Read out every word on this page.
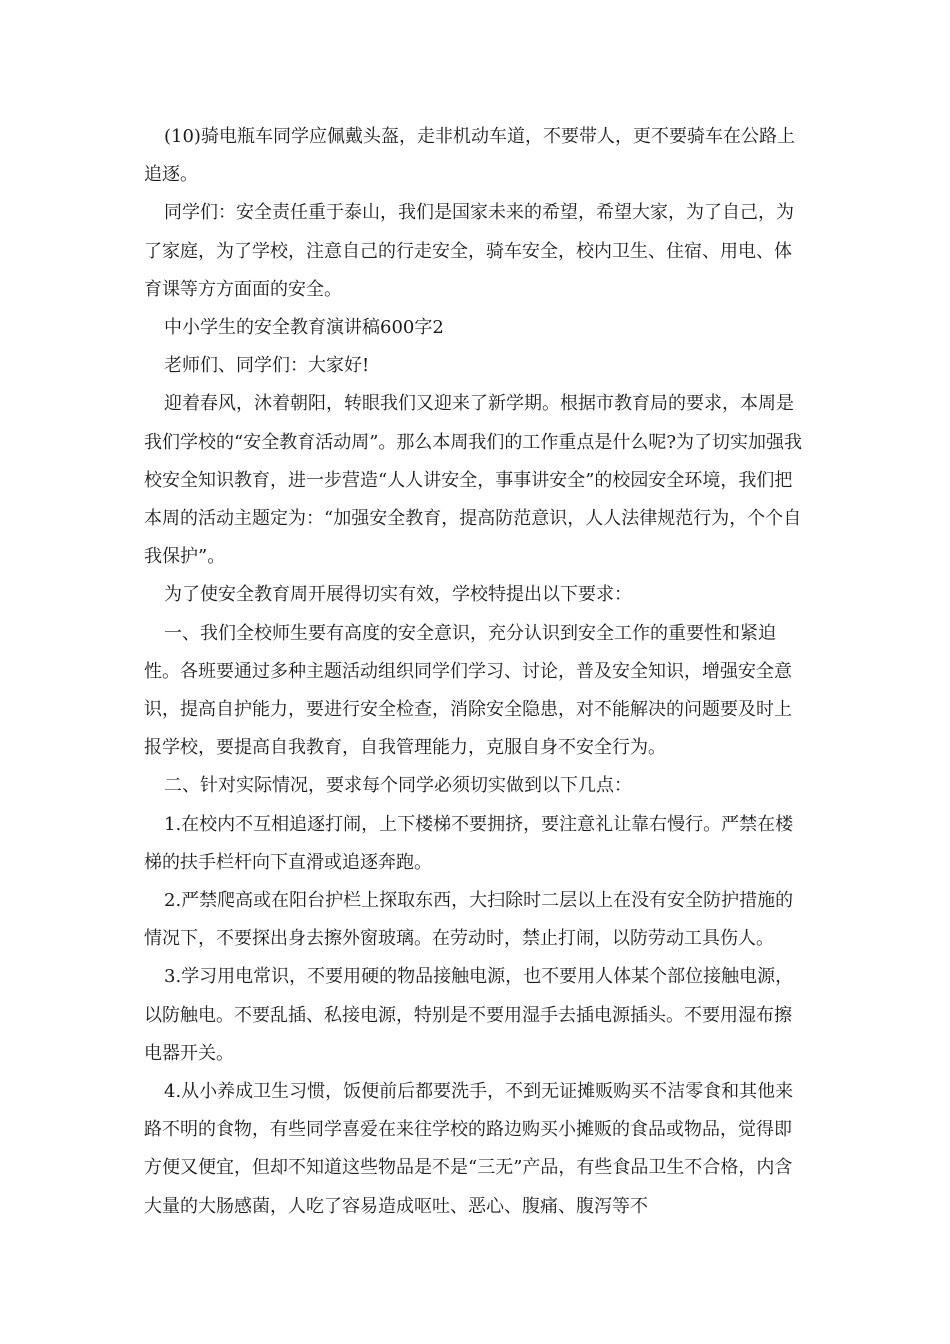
(10)骑电瓶车同学应佩戴头盔，走非机动车道，不要带人，更不要骑车在公路上追逐。

同学们：安全责任重于泰山，我们是国家未来的希望，希望大家，为了自己，为了家庭，为了学校，注意自己的行走安全，骑车安全，校内卫生、住宿、用电、体育课等方方面面的安全。

中小学生的安全教育演讲稿600字2

老师们、同学们：大家好!

迎着春风，沐着朝阳，转眼我们又迎来了新学期。根据市教育局的要求，本周是我们学校的“安全教育活动周”。那么本周我们的工作重点是什么呢?为了切实加强我校安全知识教育，进一步营造“人人讲安全，事事讲安全”的校园安全环境，我们把本周的活动主题定为：“加强安全教育，提高防范意识，人人法律规范行为，个个自我保护”。

为了使安全教育周开展得切实有效，学校特提出以下要求：

一、我们全校师生要有高度的安全意识，充分认识到安全工作的重要性和紧迫性。各班要通过多种主题活动组织同学们学习、讨论，普及安全知识，增强安全意识，提高自护能力，要进行安全检查，消除安全隐患，对不能解决的问题要及时上报学校，要提高自我教育，自我管理能力，克服自身不安全行为。

二、针对实际情况，要求每个同学必须切实做到以下几点：

1.在校内不互相追逐打闹，上下楼梯不要拥挤，要注意礼让靠右慢行。严禁在楼梯的扶手栏杆向下直滑或追逐奔跑。

2.严禁爬高或在阳台护栏上探取东西，大扫除时二层以上在没有安全防护措施的情况下，不要探出身去擦外窗玻璃。在劳动时，禁止打闹，以防劳动工具伤人。

3.学习用电常识，不要用硬的物品接触电源，也不要用人体某个部位接触电源，以防触电。不要乱插、私接电源，特别是不要用湿手去插电源插头。不要用湿布擦电器开关。

4.从小养成卫生习惯，饭便前后都要洗手，不到无证摊贩购买不洁零食和其他来路不明的食物，有些同学喜爱在来往学校的路边购买小摊贩的食品或物品，觉得即方便又便宜，但却不知道这些物品是不是“三无”产品，有些食品卫生不合格，内含大量的大肠感菌，人吃了容易造成呕吐、恶心、腹痛、腹泻等不
